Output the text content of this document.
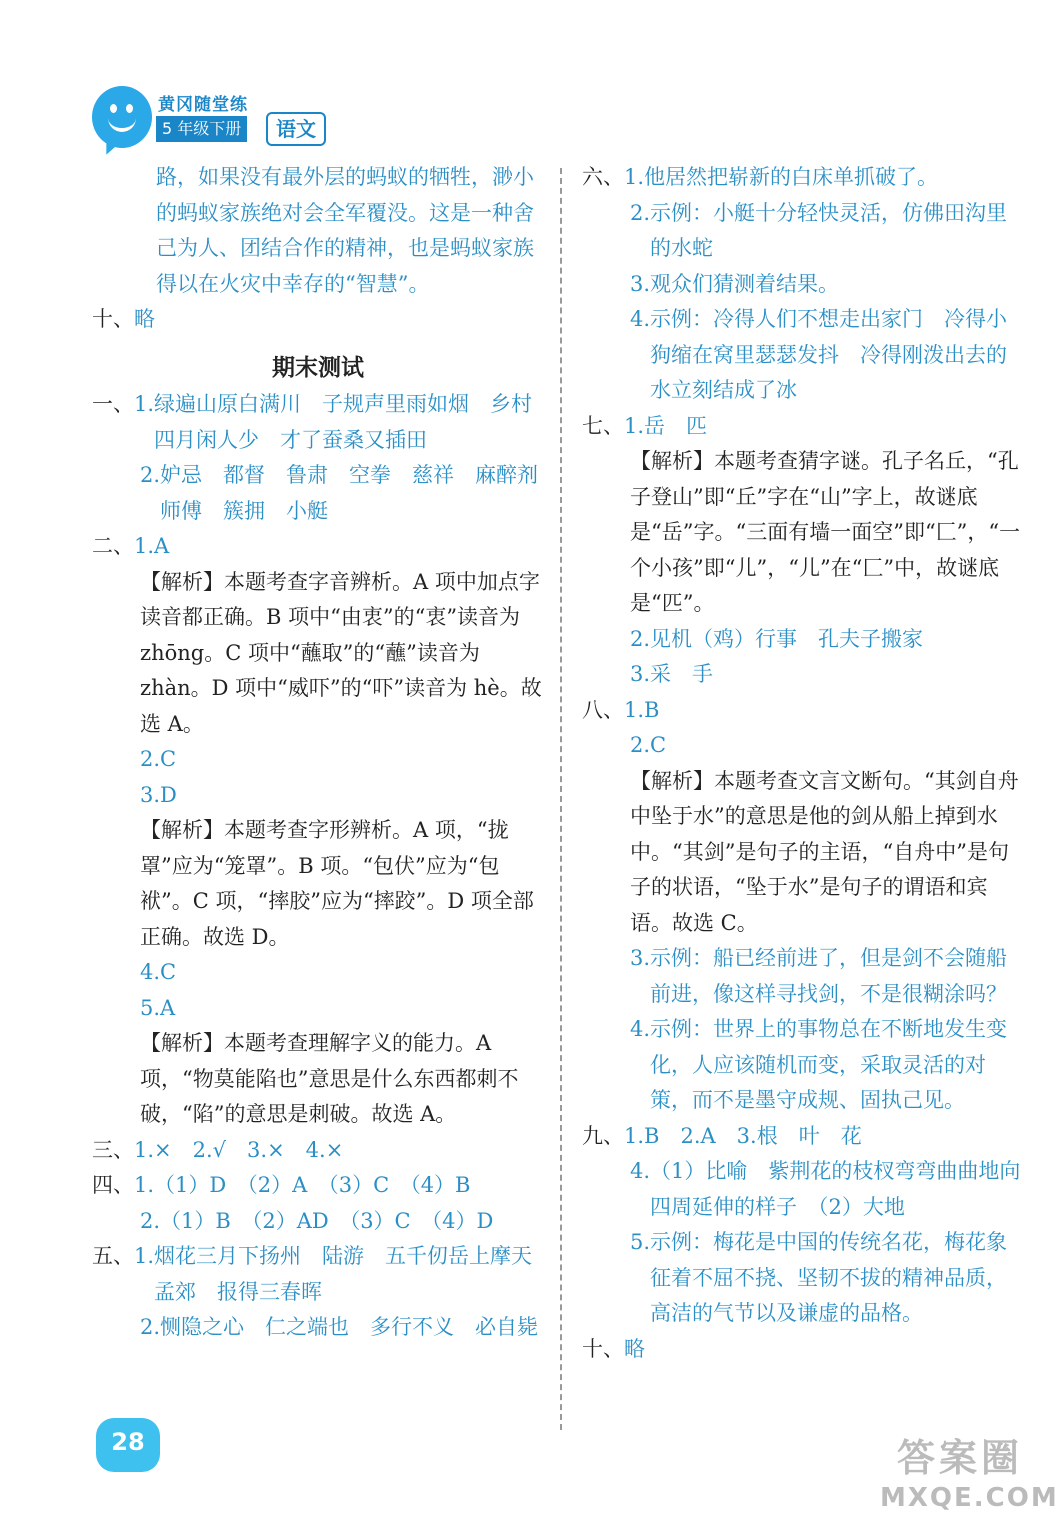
黄冈随堂练
5 年级下册	语文
路，如果没有最外层的蚂蚁的牺牲，渺小的蚂蚁家族绝对会全军覆没。这是一种舍己为人、团结合作的精神，也是蚂蚁家族得以在火灾中幸存的“智慧”。
十、 略
期末测试
一、 1. 绿遍山原白满川　子规声里雨如烟　乡村四月闲人少　才了蚕桑又插田
2. 妒忌　都督　鲁肃　空拳　慈祥　麻醉剂　师傅　簇拥　小艇
二、 1.A
【解析】本题考查字音辨析。A 项中加点字读音都正确。B 项中“由衷”的“衷”读音为 zhōng。C 项中“蘸取”的“蘸”读音为 zhàn。D 项中“威吓”的“吓”读音为 hè。故选 A。
2.C
3.D
【解析】本题考查字形辨析。A 项，“拢罩”应为“笼罩”。B 项。“包伏”应为“包袱”。C 项，“摔胶”应为“摔跤”。D 项全部正确。故选 D。
4.C
5.A
【解析】本题考查理解字义的能力。A 项，“物莫能陷也”意思是什么东西都刺不破，“陷”的意思是刺破。故选 A。
三、 1.×　2.√　3.×　4.×
四、 1.（1）D　（2）A　（3）C　（4）B
2.（1）B　（2）AD　（3）C　（4）D
五、 1. 烟花三月下扬州　陆游　五千仞岳上摩天　孟郊　报得三春晖
2. 恻隐之心　仁之端也　多行不义　必自毙
六、 1. 他居然把崭新的白床单抓破了。
2. 示例：小艇十分轻快灵活，仿佛田沟里的水蛇
3. 观众们猜测着结果。
4. 示例：冷得人们不想走出家门　冷得小狗缩在窝里瑟瑟发抖　冷得刚泼出去的水立刻结成了冰
七、 1.岳　匹
【解析】本题考查猜字谜。孔子名丘，“孔子登山”即“丘”字在“山”字上，故谜底是“岳”字。“三面有墙一面空”即“匚”，“一个小孩”即“儿”，“儿”在“匚”中，故谜底是“匹”。
2.见机（鸡）行事　孔夫子搬家
3.采　手
八、 1.B
2.C
【解析】本题考查文言文断句。“其剑自舟中坠于水”的意思是他的剑从船上掉到水中。“其剑”是句子的主语，“自舟中”是句子的状语，“坠于水”是句子的谓语和宾语。故选 C。
3. 示例：船已经前进了，但是剑不会随船前进，像这样寻找剑，不是很糊涂吗？
4. 示例：世界上的事物总在不断地发生变化，人应该随机而变，采取灵活的对策，而不是墨守成规、固执己见。
九、 1.B　2.A　3.根　叶　花
4. （1）比喻　紫荆花的枝杈弯弯曲曲地向四周延伸的样子　（2）大地
5. 示例：梅花是中国的传统名花，梅花象征着不屈不挠、坚韧不拔的精神品质，高洁的气节以及谦虚的品格。
十、 略
28	答案圈
MXQE.COM
